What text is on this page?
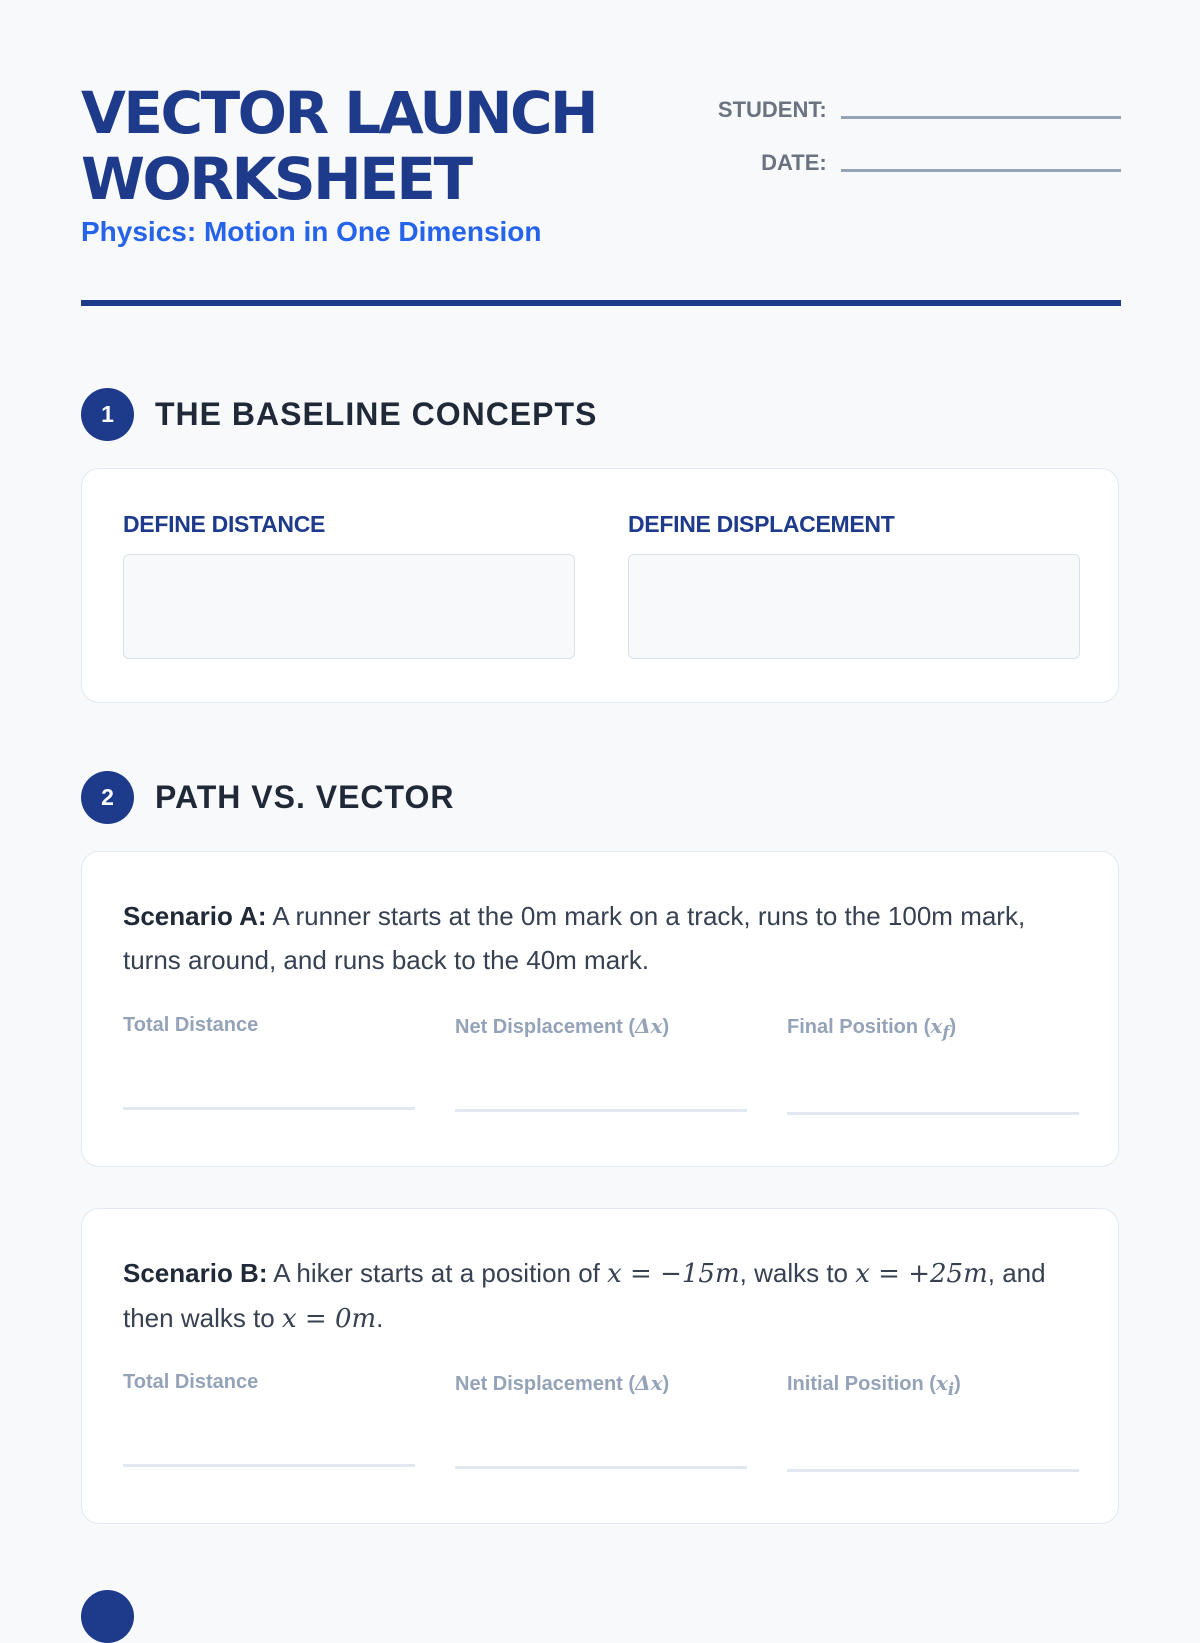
VECTOR LAUNCH
WORKSHEET
Physics: Motion in One Dimension
STUDENT:
DATE:
1	THE BASELINE CONCEPTS
DEFINE DISTANCE	DEFINE DISPLACEMENT
2	PATH VS. VECTOR
Scenario A: A runner starts at the 0m mark on a track, runs to the 100m mark, turns around, and runs back to the 40m mark.
Total Distance	Net Displacement (Δx)	Final Position $(x_f)$
Scenario B: A hiker starts at a position of x = −15m, walks to x = +25m, and then walks to x = 0m.
Total Distance	Net Displacement (Δx)	Initial Position $(x_i)$
